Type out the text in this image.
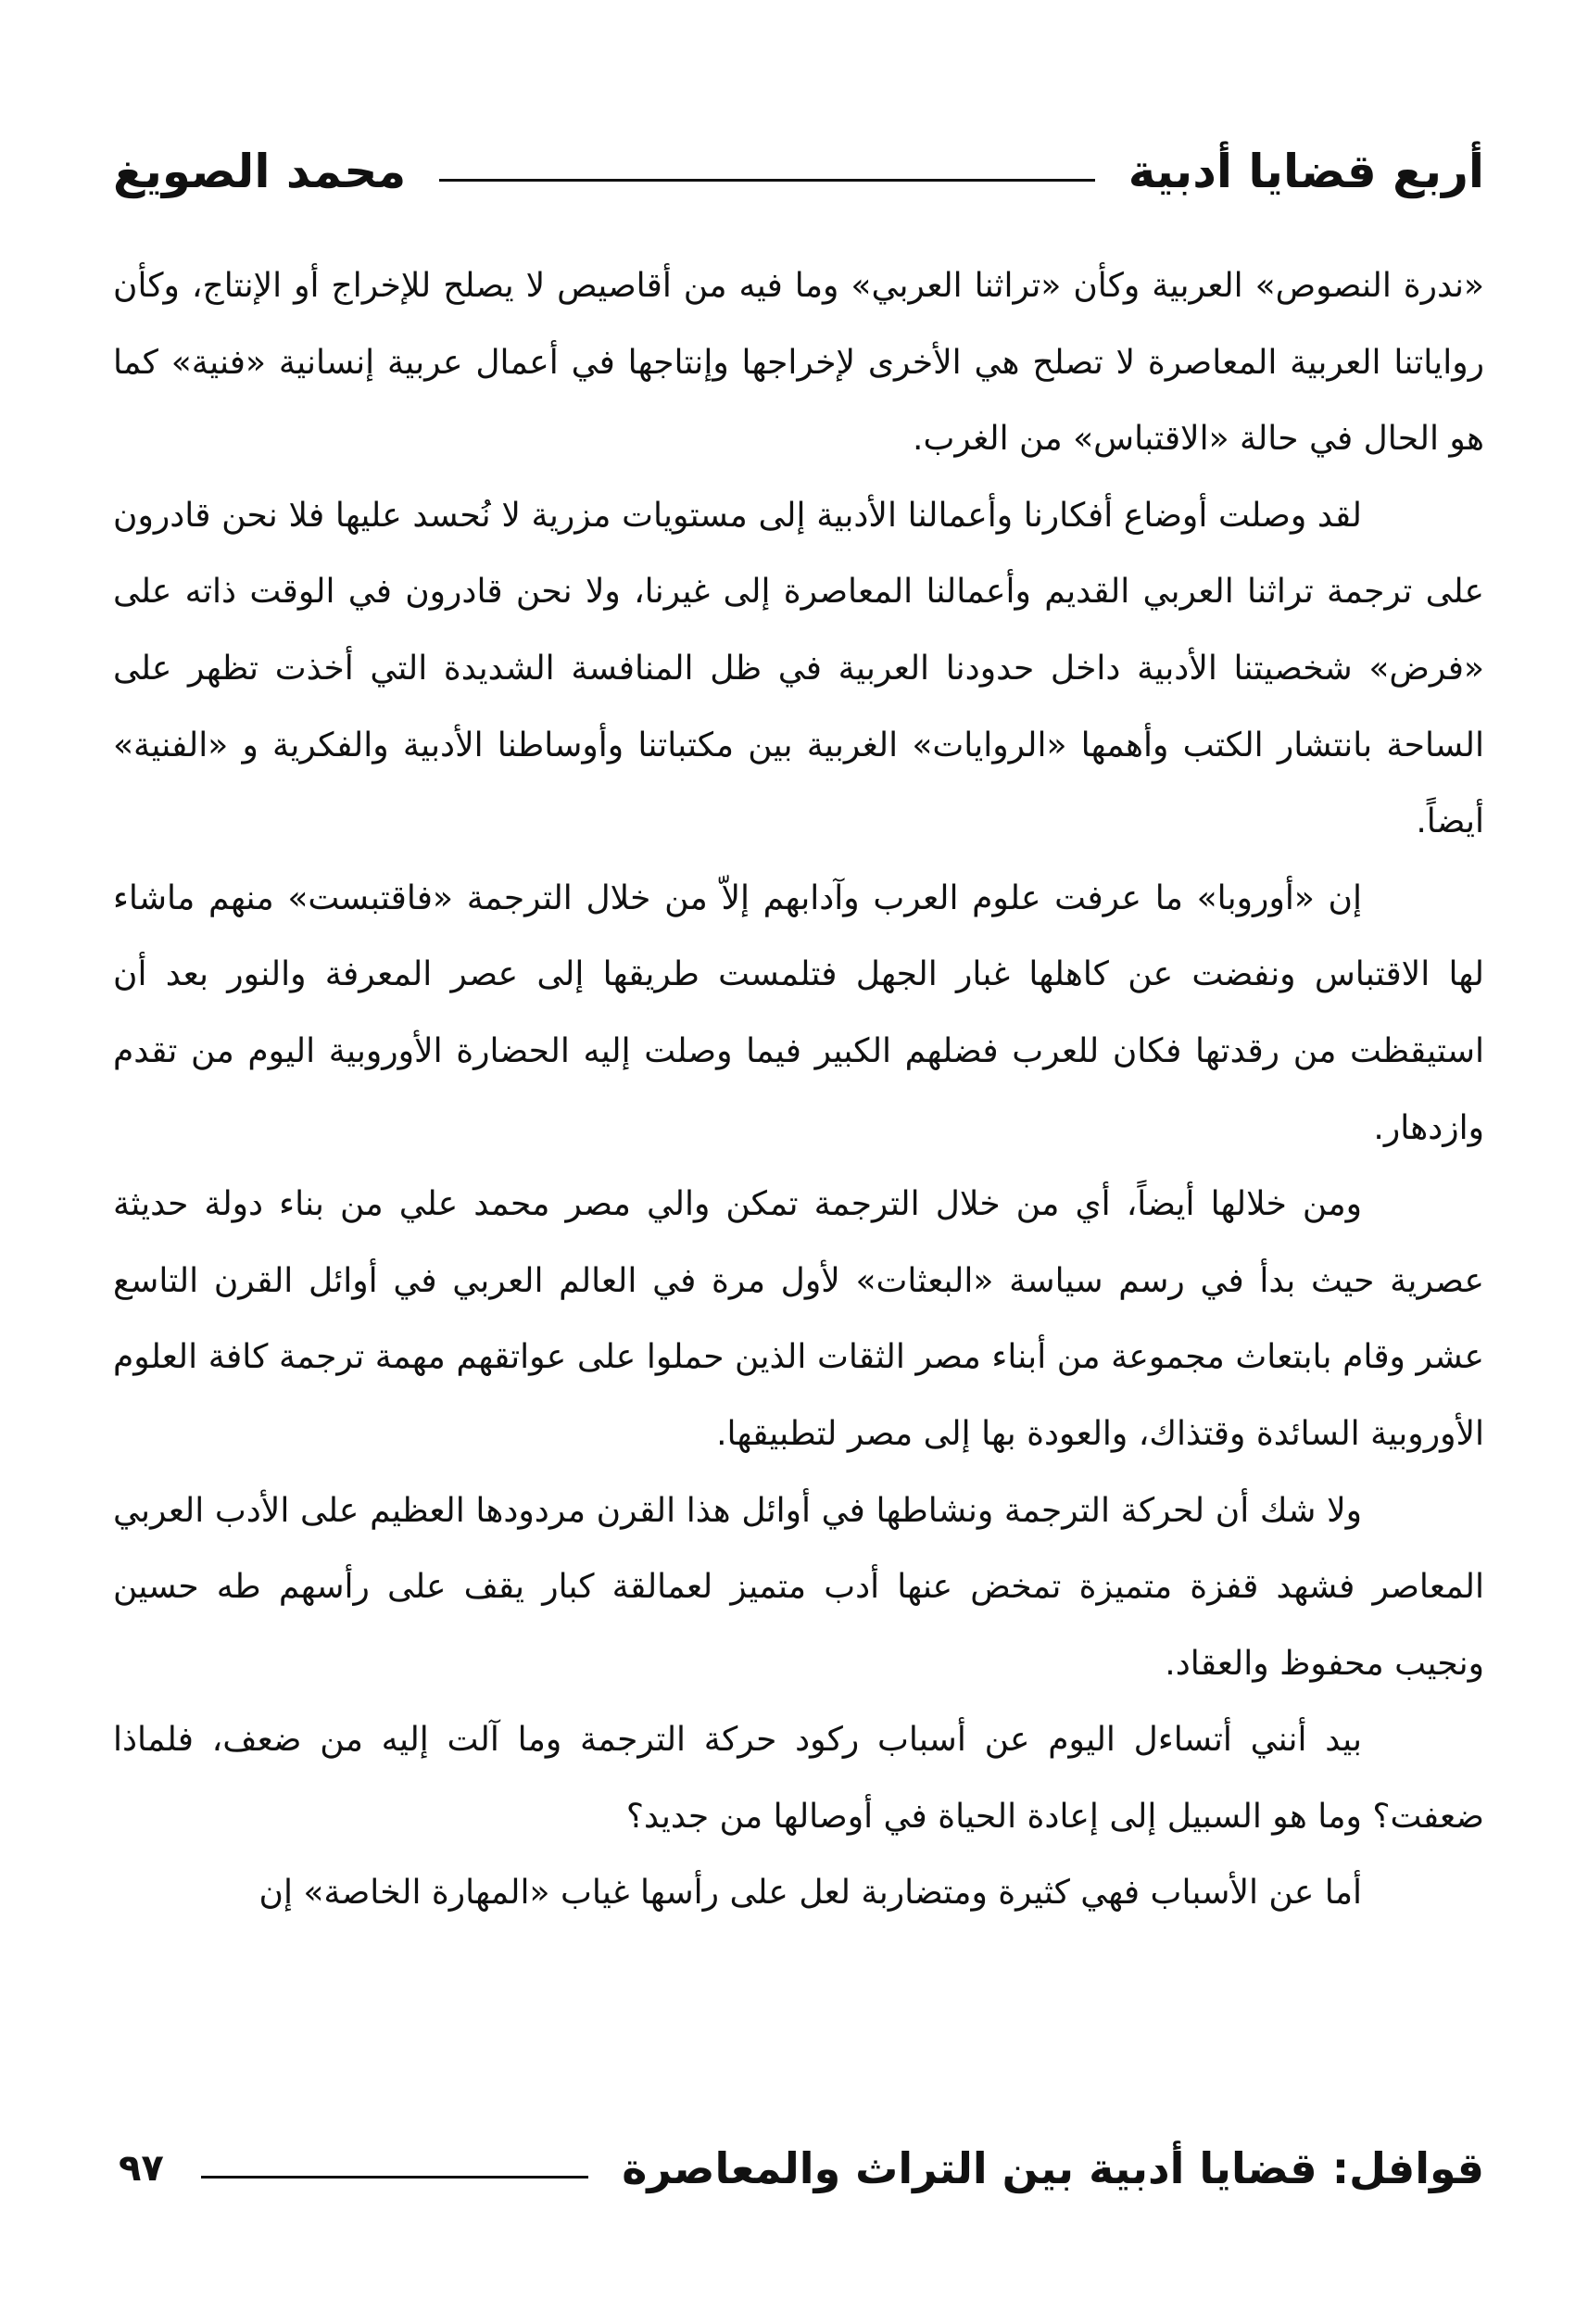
أربع قضايا أدبية
محمد الصويغ

«ندرة النصوص» العربية وكأن «تراثنا العربي» وما فيه من أقاصيص لا يصلح للإخراج أو الإنتاج، وكأن رواياتنا العربية المعاصرة لا تصلح هي الأخرى لإخراجها وإنتاجها في أعمال عربية إنسانية «فنية» كما هو الحال في حالة «الاقتباس» من الغرب.

لقد وصلت أوضاع أفكارنا وأعمالنا الأدبية إلى مستويات مزرية لا نُحسد عليها فلا نحن قادرون على ترجمة تراثنا العربي القديم وأعمالنا المعاصرة إلى غيرنا، ولا نحن قادرون في الوقت ذاته على «فرض» شخصيتنا الأدبية داخل حدودنا العربية في ظل المنافسة الشديدة التي أخذت تظهر على الساحة بانتشار الكتب وأهمها «الروايات» الغربية بين مكتباتنا وأوساطنا الأدبية والفكرية و «الفنية» أيضاً.

إن «أوروبا» ما عرفت علوم العرب وآدابهم إلاّ من خلال الترجمة «فاقتبست» منهم ماشاء لها الاقتباس ونفضت عن كاهلها غبار الجهل فتلمست طريقها إلى عصر المعرفة والنور بعد أن استيقظت من رقدتها فكان للعرب فضلهم الكبير فيما وصلت إليه الحضارة الأوروبية اليوم من تقدم وازدهار.

ومن خلالها أيضاً، أي من خلال الترجمة تمكن والي مصر محمد علي من بناء دولة حديثة عصرية حيث بدأ في رسم سياسة «البعثات» لأول مرة في العالم العربي في أوائل القرن التاسع عشر وقام بابتعاث مجموعة من أبناء مصر الثقات الذين حملوا على عواتقهم مهمة ترجمة كافة العلوم الأوروبية السائدة وقتذاك، والعودة بها إلى مصر لتطبيقها.

ولا شك أن لحركة الترجمة ونشاطها في أوائل هذا القرن مردودها العظيم على الأدب العربي المعاصر فشهد قفزة متميزة تمخض عنها أدب متميز لعمالقة كبار يقف على رأسهم طه حسين ونجيب محفوظ والعقاد.

بيد أنني أتساءل اليوم عن أسباب ركود حركة الترجمة وما آلت إليه من ضعف، فلماذا ضعفت؟ وما هو السبيل إلى إعادة الحياة في أوصالها من جديد؟

أما عن الأسباب فهي كثيرة ومتضاربة لعل على رأسها غياب «المهارة الخاصة» إن

قوافل: قضايا أدبية بين التراث والمعاصرة
٩٧
